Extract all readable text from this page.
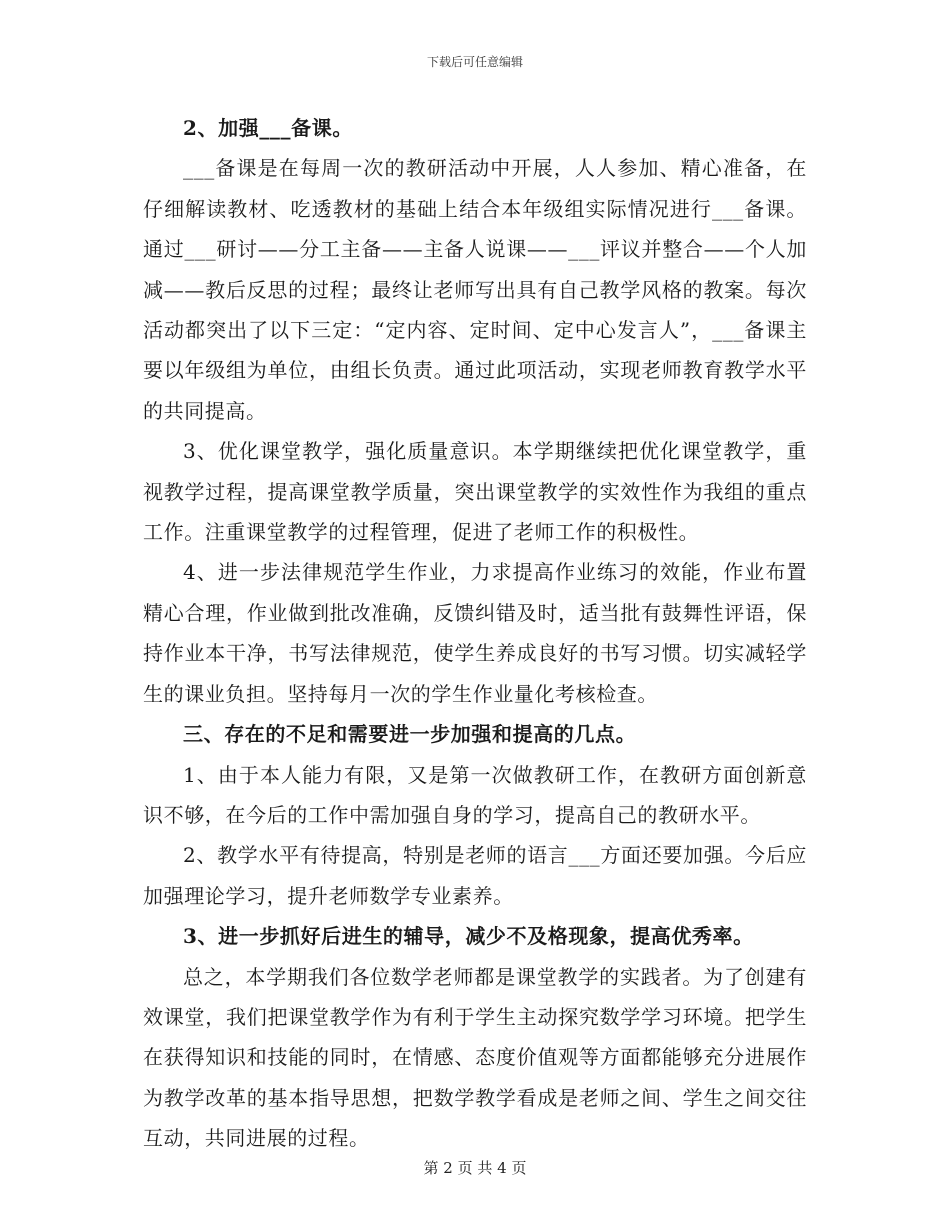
下载后可任意编辑

2、加强___备课。

___备课是在每周一次的教研活动中开展，人人参加、精心准备，在仔细解读教材、吃透教材的基础上结合本年级组实际情况进行___备课。通过___研讨——分工主备——主备人说课——___评议并整合——个人加减——教后反思的过程；最终让老师写出具有自己教学风格的教案。每次活动都突出了以下三定：“定内容、定时间、定中心发言人”，___备课主要以年级组为单位，由组长负责。通过此项活动，实现老师教育教学水平的共同提高。

3、优化课堂教学，强化质量意识。本学期继续把优化课堂教学，重视教学过程，提高课堂教学质量，突出课堂教学的实效性作为我组的重点工作。注重课堂教学的过程管理，促进了老师工作的积极性。

4、进一步法律规范学生作业，力求提高作业练习的效能，作业布置精心合理，作业做到批改准确，反馈纠错及时，适当批有鼓舞性评语，保持作业本干净，书写法律规范，使学生养成良好的书写习惯。切实减轻学生的课业负担。坚持每月一次的学生作业量化考核检查。

三、存在的不足和需要进一步加强和提高的几点。

1、由于本人能力有限，又是第一次做教研工作，在教研方面创新意识不够，在今后的工作中需加强自身的学习，提高自己的教研水平。

2、教学水平有待提高，特别是老师的语言___方面还要加强。今后应加强理论学习，提升老师数学专业素养。

3、进一步抓好后进生的辅导，减少不及格现象，提高优秀率。

总之，本学期我们各位数学老师都是课堂教学的实践者。为了创建有效课堂，我们把课堂教学作为有利于学生主动探究数学学习环境。把学生在获得知识和技能的同时，在情感、态度价值观等方面都能够充分进展作为教学改革的基本指导思想，把数学教学看成是老师之间、学生之间交往互动，共同进展的过程。

第 2 页 共 4 页
